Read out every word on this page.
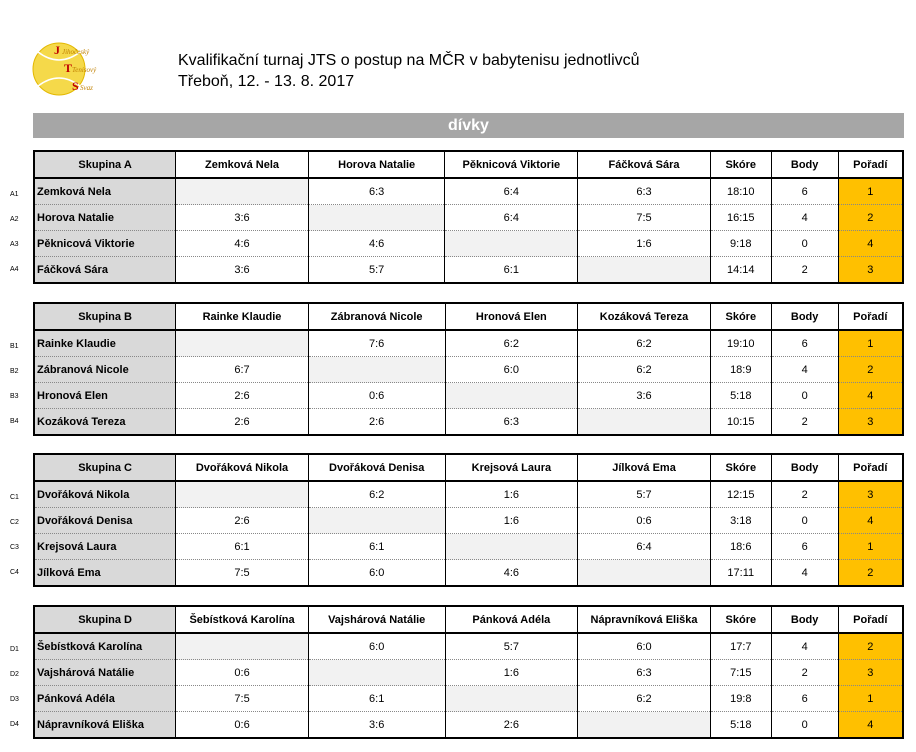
J
T
S
Jihočeský
Tenisový
Svaz
Kvalifikační turnaj JTS o postup na MČR v babytenisu jednotlivců
Třeboň, 12. - 13. 8. 2017
dívky
A1
A2
A3
A4
Skupina A	Zemková Nela	Horova Natalie	Pěknicová Viktorie	Fáčková Sára	Skóre	Body	Pořadí
Zemková Nela		6:3	6:4	6:3	18:10	6	1
Horova Natalie	3:6		6:4	7:5	16:15	4	2
Pěknicová Viktorie	4:6	4:6		1:6	9:18	0	4
Fáčková Sára	3:6	5:7	6:1		14:14	2	3
B1
B2
B3
B4
Skupina B	Rainke Klaudie	Zábranová Nicole	Hronová Elen	Kozáková Tereza	Skóre	Body	Pořadí
Rainke Klaudie		7:6	6:2	6:2	19:10	6	1
Zábranová Nicole	6:7		6:0	6:2	18:9	4	2
Hronová Elen	2:6	0:6		3:6	5:18	0	4
Kozáková Tereza	2:6	2:6	6:3		10:15	2	3
C1
C2
C3
C4
Skupina C	Dvořáková Nikola	Dvořáková Denisa	Krejsová Laura	Jílková Ema	Skóre	Body	Pořadí
Dvořáková Nikola		6:2	1:6	5:7	12:15	2	3
Dvořáková Denisa	2:6		1:6	0:6	3:18	0	4
Krejsová Laura	6:1	6:1		6:4	18:6	6	1
Jílková Ema	7:5	6:0	4:6		17:11	4	2
D1
D2
D3
D4
Skupina D	Šebístková Karolína	Vajshárová Natálie	Pánková Adéla	Nápravníková Eliška	Skóre	Body	Pořadí
Šebístková Karolína		6:0	5:7	6:0	17:7	4	2
Vajshárová Natálie	0:6		1:6	6:3	7:15	2	3
Pánková Adéla	7:5	6:1		6:2	19:8	6	1
Nápravníková Eliška	0:6	3:6	2:6		5:18	0	4
